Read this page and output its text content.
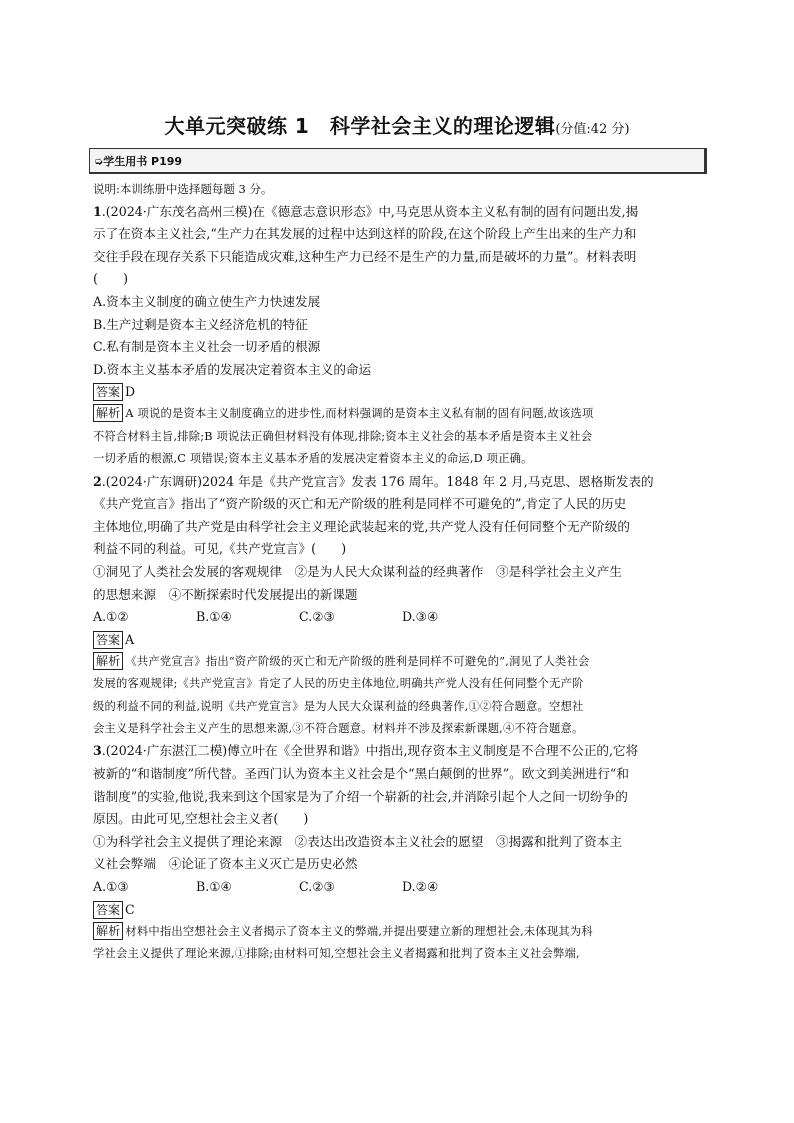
大单元突破练 1　科学社会主义的理论逻辑(分值:42 分)
➭学生用书 P199

说明:本训练册中选择题每题 3 分。

1.(2024·广东茂名高州三模)在《德意志意识形态》中,马克思从资本主义私有制的固有问题出发,揭

示了在资本主义社会,“生产力在其发展的过程中达到这样的阶段,在这个阶段上产生出来的生产力和

交往手段在现存关系下只能造成灾难,这种生产力已经不是生产的力量,而是破坏的力量”。材料表明

(　　)

A.资本主义制度的确立使生产力快速发展

B.生产过剩是资本主义经济危机的特征

C.私有制是资本主义社会一切矛盾的根源

D.资本主义基本矛盾的发展决定着资本主义的命运

答案 D

解析 A 项说的是资本主义制度确立的进步性,而材料强调的是资本主义私有制的固有问题,故该选项

不符合材料主旨,排除;B 项说法正确但材料没有体现,排除;资本主义社会的基本矛盾是资本主义社会

一切矛盾的根源,C 项错误;资本主义基本矛盾的发展决定着资本主义的命运,D 项正确。

2.(2024·广东调研)2024 年是《共产党宣言》发表 176 周年。1848 年 2 月,马克思、恩格斯发表的

《共产党宣言》指出了“资产阶级的灭亡和无产阶级的胜利是同样不可避免的”,肯定了人民的历史

主体地位,明确了共产党是由科学社会主义理论武装起来的党,共产党人没有任何同整个无产阶级的

利益不同的利益。可见,《共产党宣言》(　　)

①洞见了人类社会发展的客观规律　②是为人民大众谋利益的经典著作　③是科学社会主义产生

的思想来源　④不断探索时代发展提出的新课题

A.①②	B.①④	C.②③	D.③④

答案 A

解析 《共产党宣言》指出“资产阶级的灭亡和无产阶级的胜利是同样不可避免的”,洞见了人类社会

发展的客观规律;《共产党宣言》肯定了人民的历史主体地位,明确共产党人没有任何同整个无产阶

级的利益不同的利益,说明《共产党宣言》是为人民大众谋利益的经典著作,①②符合题意。空想社

会主义是科学社会主义产生的思想来源,③不符合题意。材料并不涉及探索新课题,④不符合题意。

3.(2024·广东湛江二模)傅立叶在《全世界和谐》中指出,现存资本主义制度是不合理不公正的,它将

被新的“和谐制度”所代替。圣西门认为资本主义社会是个“黑白颠倒的世界”。欧文到美洲进行“和

谐制度”的实验,他说,我来到这个国家是为了介绍一个崭新的社会,并消除引起个人之间一切纷争的

原因。由此可见,空想社会主义者(　　)

①为科学社会主义提供了理论来源　②表达出改造资本主义社会的愿望　③揭露和批判了资本主

义社会弊端　④论证了资本主义灭亡是历史必然

A.①③	B.①④	C.②③	D.②④

答案 C

解析 材料中指出空想社会主义者揭示了资本主义的弊端,并提出要建立新的理想社会,未体现其为科

学社会主义提供了理论来源,①排除;由材料可知,空想社会主义者揭露和批判了资本主义社会弊端,
